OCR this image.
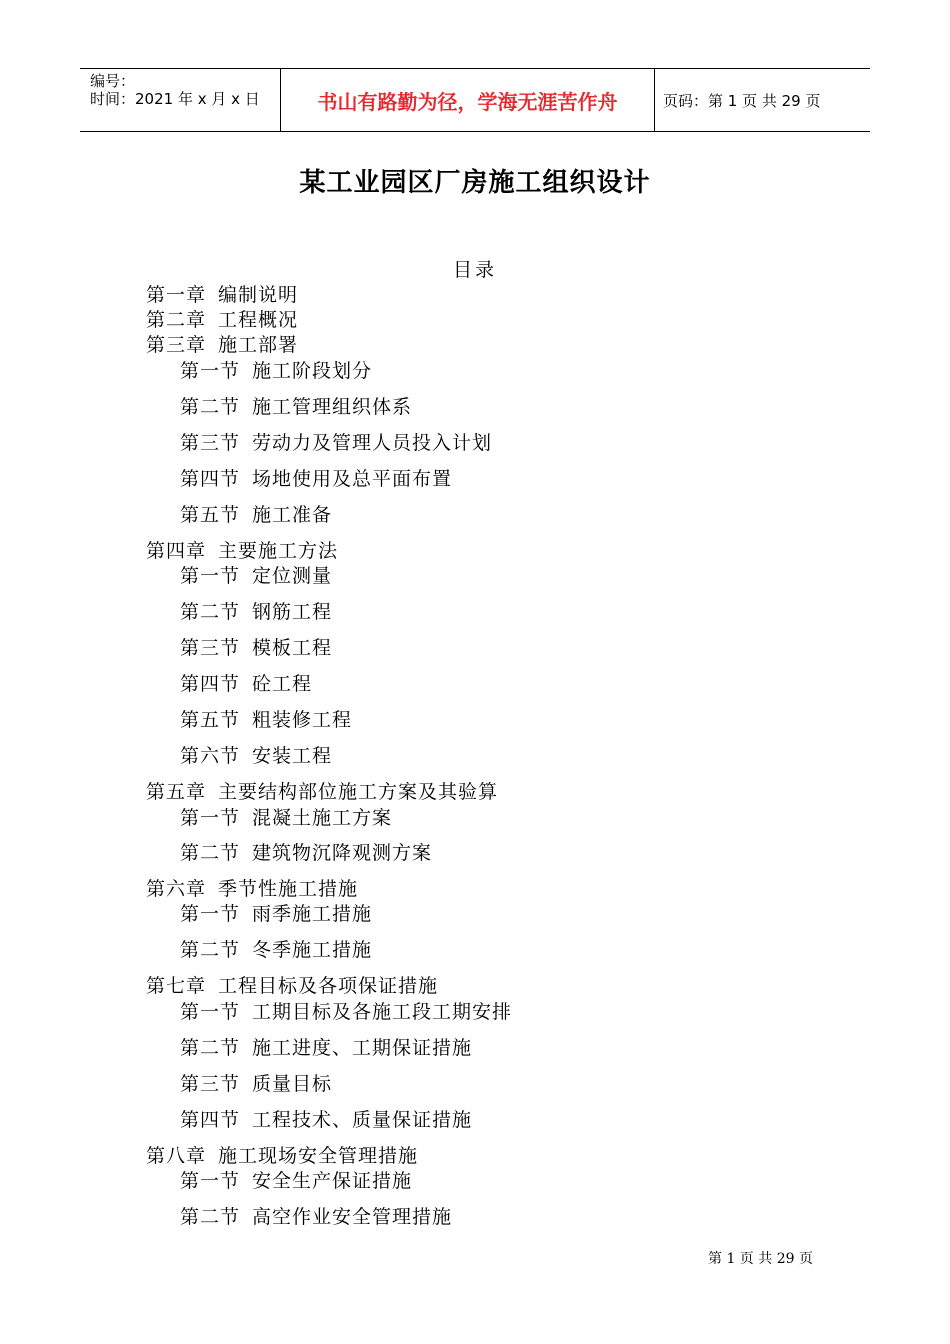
编号：
时间：2021 年 x 月 x 日	书山有路勤为径，学海无涯苦作舟	页码：第 1 页 共 29 页
某工业园区厂房施工组织设计
目录
第一章 编制说明
第二章 工程概况
第三章 施工部署
第一节 施工阶段划分
第二节 施工管理组织体系
第三节 劳动力及管理人员投入计划
第四节 场地使用及总平面布置
第五节 施工准备
第四章 主要施工方法
第一节 定位测量
第二节 钢筋工程
第三节 模板工程
第四节 砼工程
第五节 粗装修工程
第六节 安装工程
第五章 主要结构部位施工方案及其验算
第一节 混凝土施工方案
第二节 建筑物沉降观测方案
第六章 季节性施工措施
第一节 雨季施工措施
第二节 冬季施工措施
第七章 工程目标及各项保证措施
第一节 工期目标及各施工段工期安排
第二节 施工进度、工期保证措施
第三节 质量目标
第四节 工程技术、质量保证措施
第八章 施工现场安全管理措施
第一节 安全生产保证措施
第二节 高空作业安全管理措施
第 1 页 共 29 页
